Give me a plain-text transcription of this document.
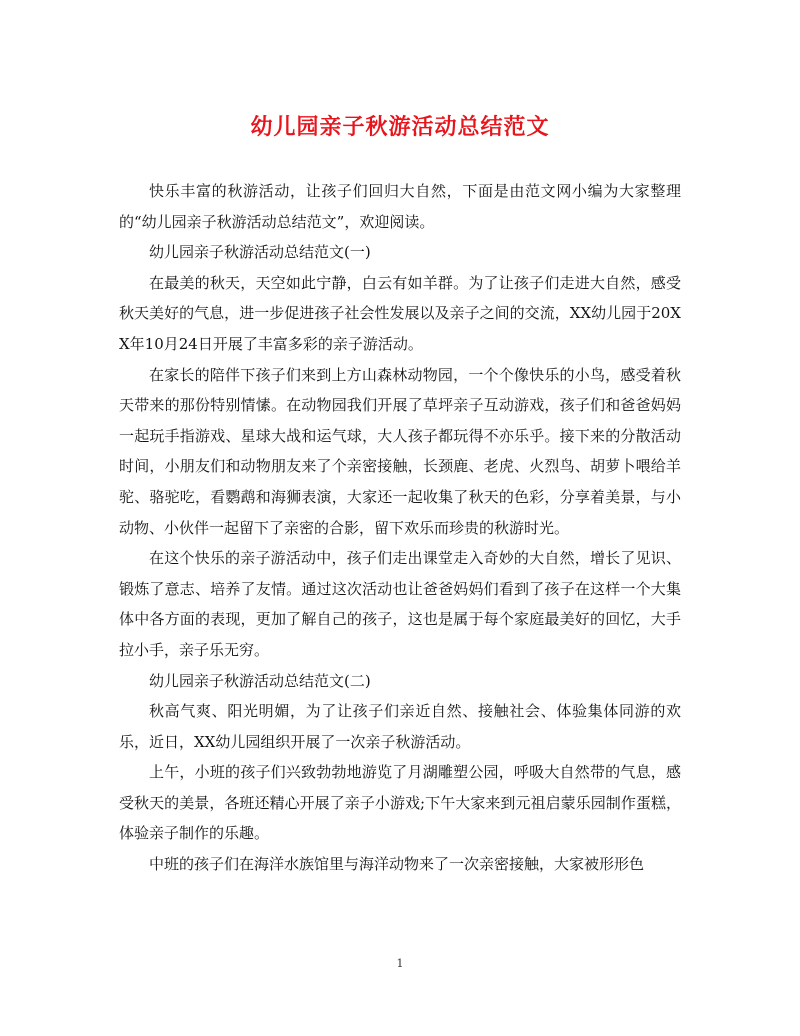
幼儿园亲子秋游活动总结范文

快乐丰富的秋游活动，让孩子们回归大自然，下面是由范文网小编为大家整理的“幼儿园亲子秋游活动总结范文”，欢迎阅读。

幼儿园亲子秋游活动总结范文(一)

在最美的秋天，天空如此宁静，白云有如羊群。为了让孩子们走进大自然，感受秋天美好的气息，进一步促进孩子社会性发展以及亲子之间的交流，XX幼儿园于20XX年10月24日开展了丰富多彩的亲子游活动。

在家长的陪伴下孩子们来到上方山森林动物园，一个个像快乐的小鸟，感受着秋天带来的那份特别情愫。在动物园我们开展了草坪亲子互动游戏，孩子们和爸爸妈妈一起玩手指游戏、星球大战和运气球，大人孩子都玩得不亦乐乎。接下来的分散活动时间，小朋友们和动物朋友来了个亲密接触，长颈鹿、老虎、火烈鸟、胡萝卜喂给羊驼、骆驼吃，看鹦鹉和海狮表演，大家还一起收集了秋天的色彩，分享着美景，与小动物、小伙伴一起留下了亲密的合影，留下欢乐而珍贵的秋游时光。

在这个快乐的亲子游活动中，孩子们走出课堂走入奇妙的大自然，增长了见识、锻炼了意志、培养了友情。通过这次活动也让爸爸妈妈们看到了孩子在这样一个大集体中各方面的表现，更加了解自己的孩子，这也是属于每个家庭最美好的回忆，大手拉小手，亲子乐无穷。

幼儿园亲子秋游活动总结范文(二)

秋高气爽、阳光明媚，为了让孩子们亲近自然、接触社会、体验集体同游的欢乐，近日，XX幼儿园组织开展了一次亲子秋游活动。

上午，小班的孩子们兴致勃勃地游览了月湖雕塑公园，呼吸大自然带的气息，感受秋天的美景，各班还精心开展了亲子小游戏;下午大家来到元祖启蒙乐园制作蛋糕，体验亲子制作的乐趣。

中班的孩子们在海洋水族馆里与海洋动物来了一次亲密接触，大家被形形色

1
